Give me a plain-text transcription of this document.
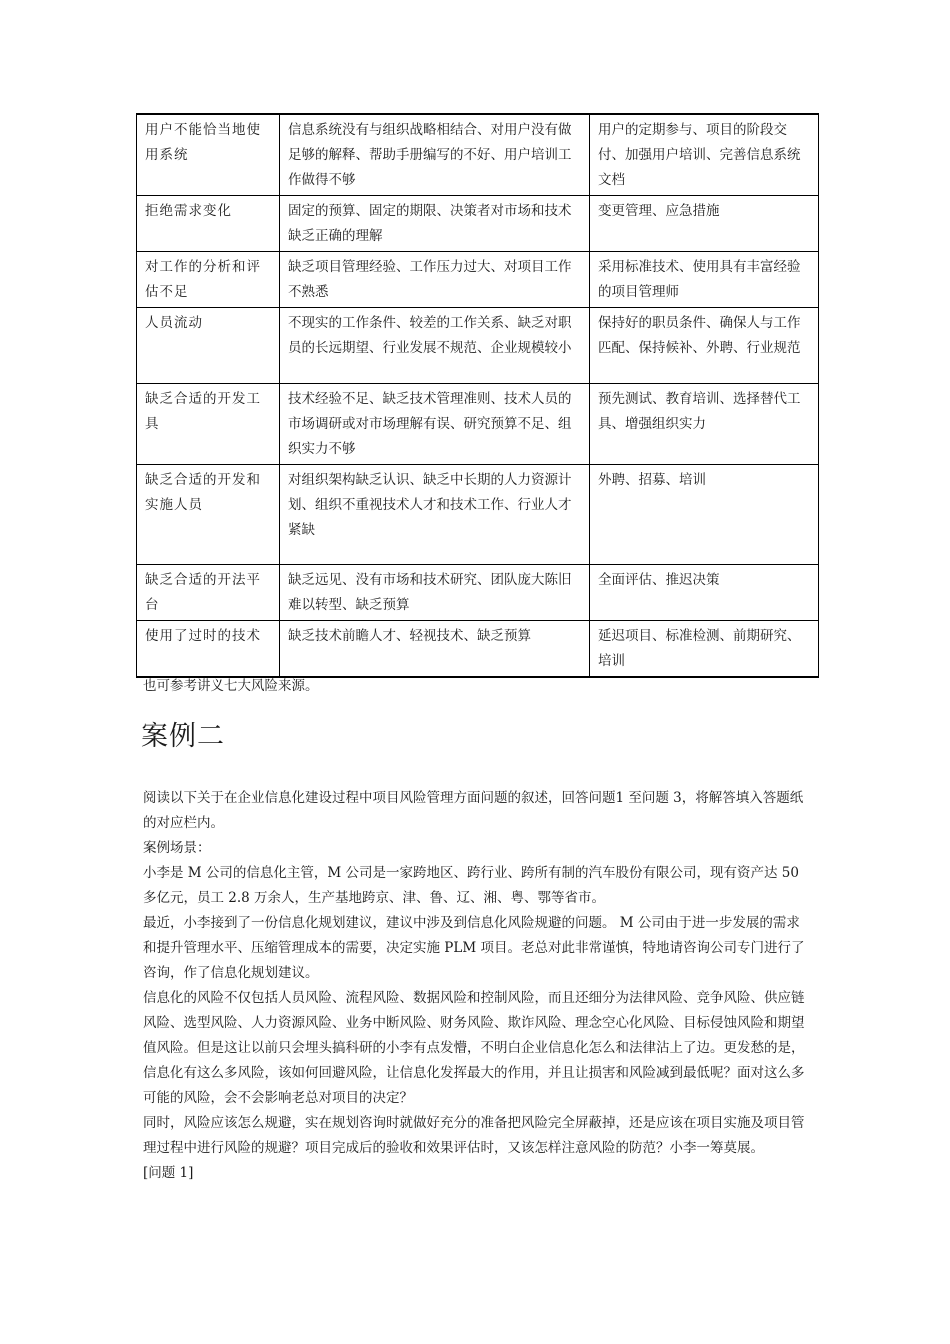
用户不能恰当地使用系统	信息系统没有与组织战略相结合、对用户没有做足够的解释、帮助手册编写的不好、用户培训工作做得不够	用户的定期参与、项目的阶段交付、加强用户培训、完善信息系统文档
拒绝需求变化	固定的预算、固定的期限、决策者对市场和技术缺乏正确的理解	变更管理、应急措施
对工作的分析和评估不足	缺乏项目管理经验、工作压力过大、对项目工作不熟悉	采用标准技术、使用具有丰富经验的项目管理师
人员流动	不现实的工作条件、较差的工作关系、缺乏对职员的长远期望、行业发展不规范、企业规模较小	保持好的职员条件、确保人与工作匹配、保持候补、外聘、行业规范
缺乏合适的开发工具	技术经验不足、缺乏技术管理准则、技术人员的市场调研或对市场理解有误、研究预算不足、组织实力不够	预先测试、教育培训、选择替代工具、增强组织实力
缺乏合适的开发和实施人员	对组织架构缺乏认识、缺乏中长期的人力资源计划、组织不重视技术人才和技术工作、行业人才紧缺	外聘、招募、培训
缺乏合适的开法平台	缺乏远见、没有市场和技术研究、团队庞大陈旧难以转型、缺乏预算	全面评估、推迟决策
使用了过时的技术	缺乏技术前瞻人才、轻视技术、缺乏预算	延迟项目、标准检测、前期研究、培训
也可参考讲义七大风险来源。
案例二

阅读以下关于在企业信息化建设过程中项目风险管理方面问题的叙述，回答问题1 至问题 3，将解答填入答题纸的对应栏内。

案例场景：

小李是 M 公司的信息化主管，M 公司是一家跨地区、跨行业、跨所有制的汽车股份有限公司，现有资产达 50 多亿元，员工 2.8 万余人，生产基地跨京、津、鲁、辽、湘、粤、鄂等省市。

最近，小李接到了一份信息化规划建议，建议中涉及到信息化风险规避的问题。 M 公司由于进一步发展的需求和提升管理水平、压缩管理成本的需要，决定实施 PLM 项目。老总对此非常谨慎，特地请咨询公司专门进行了咨询，作了信息化规划建议。

信息化的风险不仅包括人员风险、流程风险、数据风险和控制风险，而且还细分为法律风险、竞争风险、供应链风险、选型风险、人力资源风险、业务中断风险、财务风险、欺诈风险、理念空心化风险、目标侵蚀风险和期望值风险。但是这让以前只会埋头搞科研的小李有点发懵，不明白企业信息化怎么和法律沾上了边。更发愁的是，信息化有这么多风险，该如何回避风险，让信息化发挥最大的作用，并且让损害和风险减到最低呢？面对这么多可能的风险，会不会影响老总对项目的决定？

同时，风险应该怎么规避，实在规划咨询时就做好充分的准备把风险完全屏蔽掉，还是应该在项目实施及项目管理过程中进行风险的规避？项目完成后的验收和效果评估时，又该怎样注意风险的防范？小李一筹莫展。

[问题 1]
